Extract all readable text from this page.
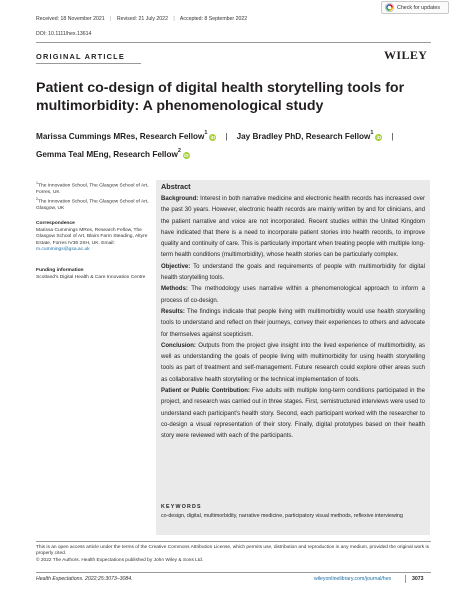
Received: 18 November 2021 | Revised: 21 July 2022 | Accepted: 8 September 2022
DOI: 10.1111/hex.13614
Check for updates
ORIGINAL ARTICLE	WILEY
Patient co-design of digital health storytelling tools for multimorbidity: A phenomenological study
Marissa Cummings MRes, Research Fellow$^1$iD | Jay Bradley PhD, Research Fellow$^1$iD |
Gemma Teal MEng, Research Fellow$^2$iD
$^1$The Innovation School, The Glasgow School of Art, Forres, UK
$^2$The Innovation School, The Glasgow School of Art, Glasgow, UK
Correspondence
Marissa Cummings MRes, Research Fellow, The Glasgow School of Art, Blairs Farm Steading, Altyre Estate, Forres IV36 2SH, UK. Email: m.cummings@gsa.ac.uk
Funding information
Scotland's Digital Health & Care Innovation Centre
Abstract

Background: Interest in both narrative medicine and electronic health records has increased over the past 30 years. However, electronic health records are mainly written by and for clinicians, and the patient narrative and voice are not incorporated. Recent studies within the United Kingdom have indicated that there is a need to incorporate patient stories into health records, to improve quality and continuity of care. This is particularly important when treating people with multiple long-term health conditions (multimorbidity), whose health stories can be particularly complex.

Objective: To understand the goals and requirements of people with multimorbidity for digital health storytelling tools.

Methods: The methodology uses narrative within a phenomenological approach to inform a process of co-design.

Results: The findings indicate that people living with multimorbidity would use health storytelling tools to understand and reflect on their journeys, convey their experiences to others and advocate for themselves against scepticism.

Conclusion: Outputs from the project give insight into the lived experience of multimorbidity, as well as understanding the goals of people living with multimorbidity for using health storytelling tools as part of treatment and self-management. Future research could explore other areas such as collaborative health storytelling or the technical implementation of tools.

Patient or Public Contribution: Five adults with multiple long-term conditions participated in the project, and research was carried out in three stages. First, semistructured interviews were used to understand each participant's health story. Second, each participant worked with the researcher to co-design a visual representation of their story. Finally, digital prototypes based on their health story were reviewed with each of the participants.

KEYWORDS
co-design, digital, multimorbidity, narrative medicine, participatory visual methods, reflexive interviewing
This is an open access article under the terms of the Creative Commons Attribution License, which permits use, distribution and reproduction in any medium, provided the original work is properly cited.
© 2022 The Authors. Health Expectations published by John Wiley & Sons Ltd.
Health Expectations. 2022;25:3073–3084.	wileyonlinelibrary.com/journal/hex	3073
